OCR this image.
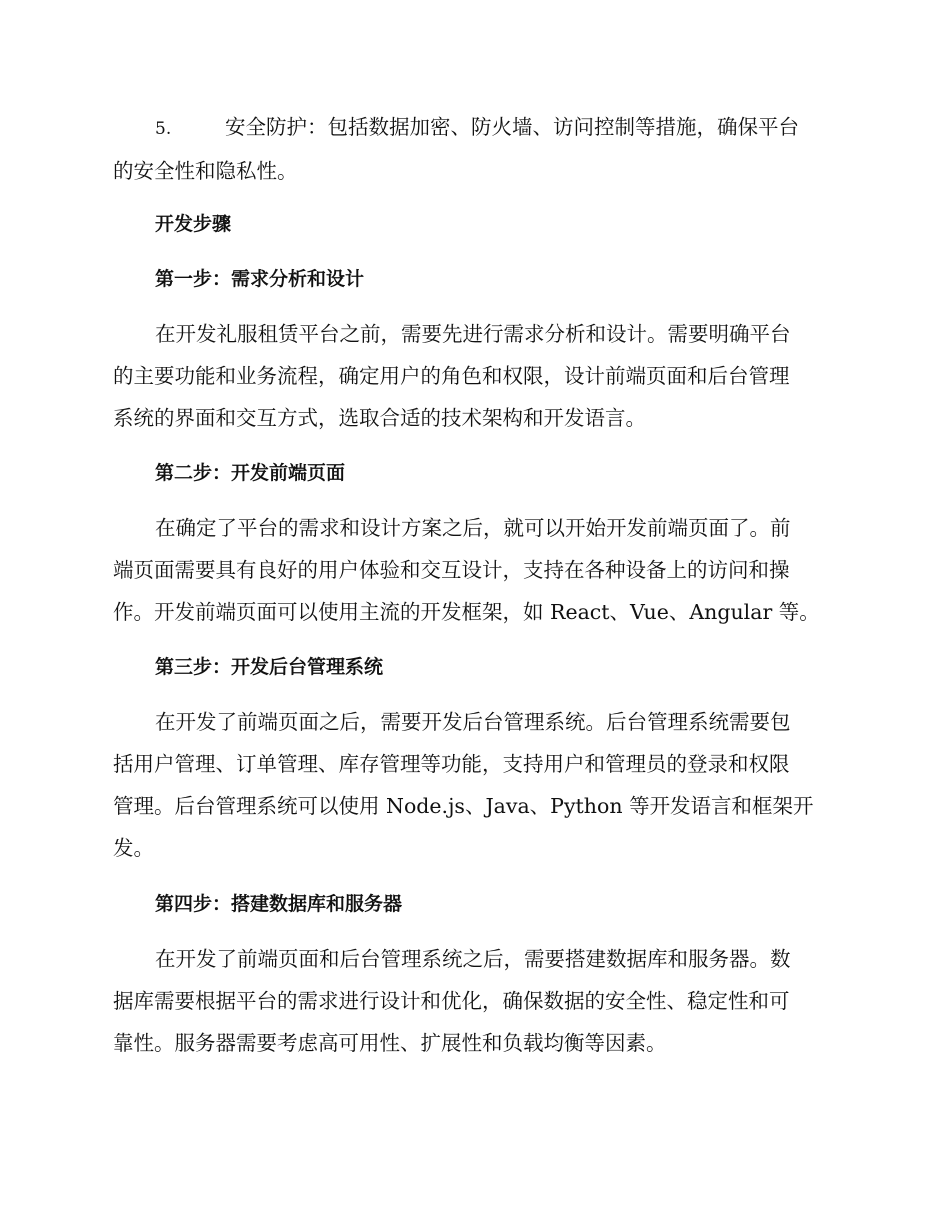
5.	安全防护：包括数据加密、防火墙、访问控制等措施，确保平台
的安全性和隐私性。
开发步骤
第一步：需求分析和设计
在开发礼服租赁平台之前，需要先进行需求分析和设计。需要明确平台
的主要功能和业务流程，确定用户的角色和权限，设计前端页面和后台管理
系统的界面和交互方式，选取合适的技术架构和开发语言。
第二步：开发前端页面
在确定了平台的需求和设计方案之后，就可以开始开发前端页面了。前
端页面需要具有良好的用户体验和交互设计，支持在各种设备上的访问和操
作。开发前端页面可以使用主流的开发框架，如 React、Vue、Angular 等。
第三步：开发后台管理系统
在开发了前端页面之后，需要开发后台管理系统。后台管理系统需要包
括用户管理、订单管理、库存管理等功能，支持用户和管理员的登录和权限
管理。后台管理系统可以使用 Node.js、Java、Python 等开发语言和框架开
发。
第四步：搭建数据库和服务器
在开发了前端页面和后台管理系统之后，需要搭建数据库和服务器。数
据库需要根据平台的需求进行设计和优化，确保数据的安全性、稳定性和可
靠性。服务器需要考虑高可用性、扩展性和负载均衡等因素。
